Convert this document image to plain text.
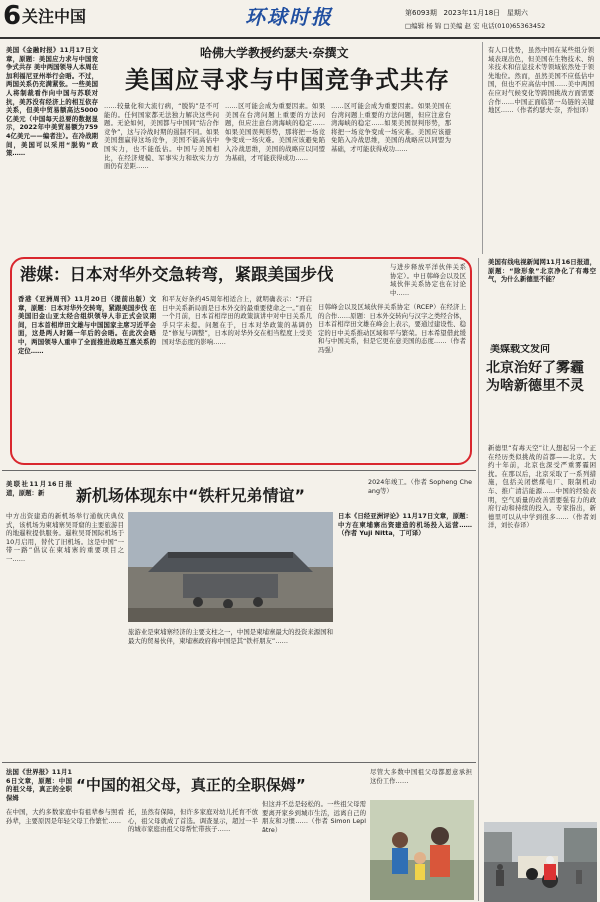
6 关注中国	环球时报	第6093期 2023年11月18日 星期六
□编辑 杨 锦 □美编 赵 宏 电话(010)65363452
美国《金融时报》11月17日文章，原题：美国应力求与中国竞争式共存 美中两国领导人本周在加利福尼亚州举行会晤。不过，两国关系仍充满紧张。一些美国人将制裁看作向中国与苏联对抗，美苏没有经济上的相互依存关系，但美中贸易额高达5000亿美元（中国每天总要的数据显示，2022年中美贸易额为7594亿美元——编者注）。在冷战期间，美国可以采用“脱钩”政策……
哈佛大学教授约瑟夫·奈撰文
美国应寻求与中国竞争式共存
……较量化和大流行病，“脱钩”是不可能的。任何国家都无法独力解决这些问题。无论如何，美国都与中国同“结合作竞争”，这与冷战时期的遏制不同。如果美国想赢得这场竞争，美国不能高估中国实力，也不能低估。中国与美国相比，在经济规模、军事实力和软实力方面仍有差距……
……区可能会成为重要因素。如果美国在台湾问题上重要的方法问题，但应注意台湾海峡的稳定……如果美国误判形势，那将把一场竞争变成一场灾难。美国应该避免陷入冷战思维，美国的战略应以同盟为基础，才可能获得成功……
……区可能会成为重要因素。如果美国在台湾问题上重要的方法问题，但应注意台湾海峡的稳定……如果美国误判形势，那将把一场竞争变成一场灾难。美国应该避免陷入冷战思维，美国的战略应以同盟为基础，才可能获得成功……
有人口优势，虽然中国在某些组分领域表现出色，但美国在生物技术、纳米技术和信息技术等领域依然处于领先地位。然而，虽然美国不应低估中国，但也不应高估中国……美中两国在应对气候变化等跨国挑战方面需要合作……中国正面临第一岛链的关键地区……（作者约瑟夫·奈，乔恒译）
港媒：日本对华外交急转弯，紧跟美国步伐	与进步释放平洋伙伴关系协定）。中日韩峰会以及区域伙伴关系协定也在讨论中……
香港《亚洲周刊》11月20日（提前出版）文章，原题：日本对华外交转弯，紧跟美国步伐 在美国旧金山亚太经合组织领导人非正式会议期间，日本首相岸田文雄与中国国家主席习近平会面，这是两人时隔一年后的会晤。在此次会晤中，两国领导人重申了全面推进战略互惠关系的定位……
和平友好条约45周年相适合上，就明确表示：“开启日中关系新局面是日本外交的最重要使命之一。”而在一个月前，日本首相岸田的政策演讲中对中日关系几乎只字未提。问题在于，日本对华政策的基调仍是“修复与调整”，日本的对华外交在相当程度上受美国对华态度的影响……
日韩峰会以及区域伙伴关系协定（RCEP）在经济上的合作……原题：日本外交转向与汉字之类经合体，日本首相岸田文雄在峰会上表示，要通过建设性、稳定的日中关系推动区域和平与繁荣。日本希望借此缓和与中国关系，但是它更在意美国的态度……（作者冯强）
美国有线电视新闻网11月16日报道，原题：“除形象”北京净化了有毒空气，为什么新德里不能？
美媒载文发问
北京治好了雾霾
为啥新德里不灵
新德里“有毒天空”让人想起另一个正在经历类似挑战的首都——北京。大约十年前，北京也深受严重雾霾困扰。在那以后，北京采取了一系列措施，包括关闭燃煤电厂、限制机动车、推广清洁能源……中国的经验表明，空气质量的改善需要强有力的政府行动和持续的投入。专家指出，新德里可以从中学到很多……（作者刘洋，刘长春译）
美联社11月16日报道，原题：新	新机场体现东中“铁杆兄弟情谊”
2024年竣工。（作者 Sopheng Cheang等）
中方出资建造的新机场举行通航庆典仪式，该机场为柬埔寨吴哥窟的主要旅游目的地暹粒提供服务。暹粒吴哥国际机场于10月启用，替代了旧机场。这是中国“一带一路”倡议在柬埔寨的重要项目之一……
旅游业是柬埔寨经济的主要支柱之一，中国是柬埔寨最大的投资来源国和最大的贸易伙伴，柬埔寨政府称中国是其“铁杆朋友”……
日本《日经亚洲评论》11月17日文章，原题：中方在柬埔寨出资建造的机场投入运营……（作者 Yuji Nitta，丁可译）
法国《世界报》11月16日文章，原题：中国的祖父母，真正的全职保姆
“中国的祖父母，真正的全职保姆”
尽管大多数中国祖父母都愿意承担这份工作……
在中国，大约多数家庭中有祖辈参与照看孙辈，主要原因是年轻父母工作繁忙……
托，虽然有保障，但许多家庭对幼儿托育不放心，祖父母就成了首选。调查显示，超过一半的城市家庭由祖父母帮忙带孩子……
但这并不总是轻松的。一些祖父母需要离开家乡到城市生活，远离自己的朋友和习惯……（作者 Simon Leplâtre）
